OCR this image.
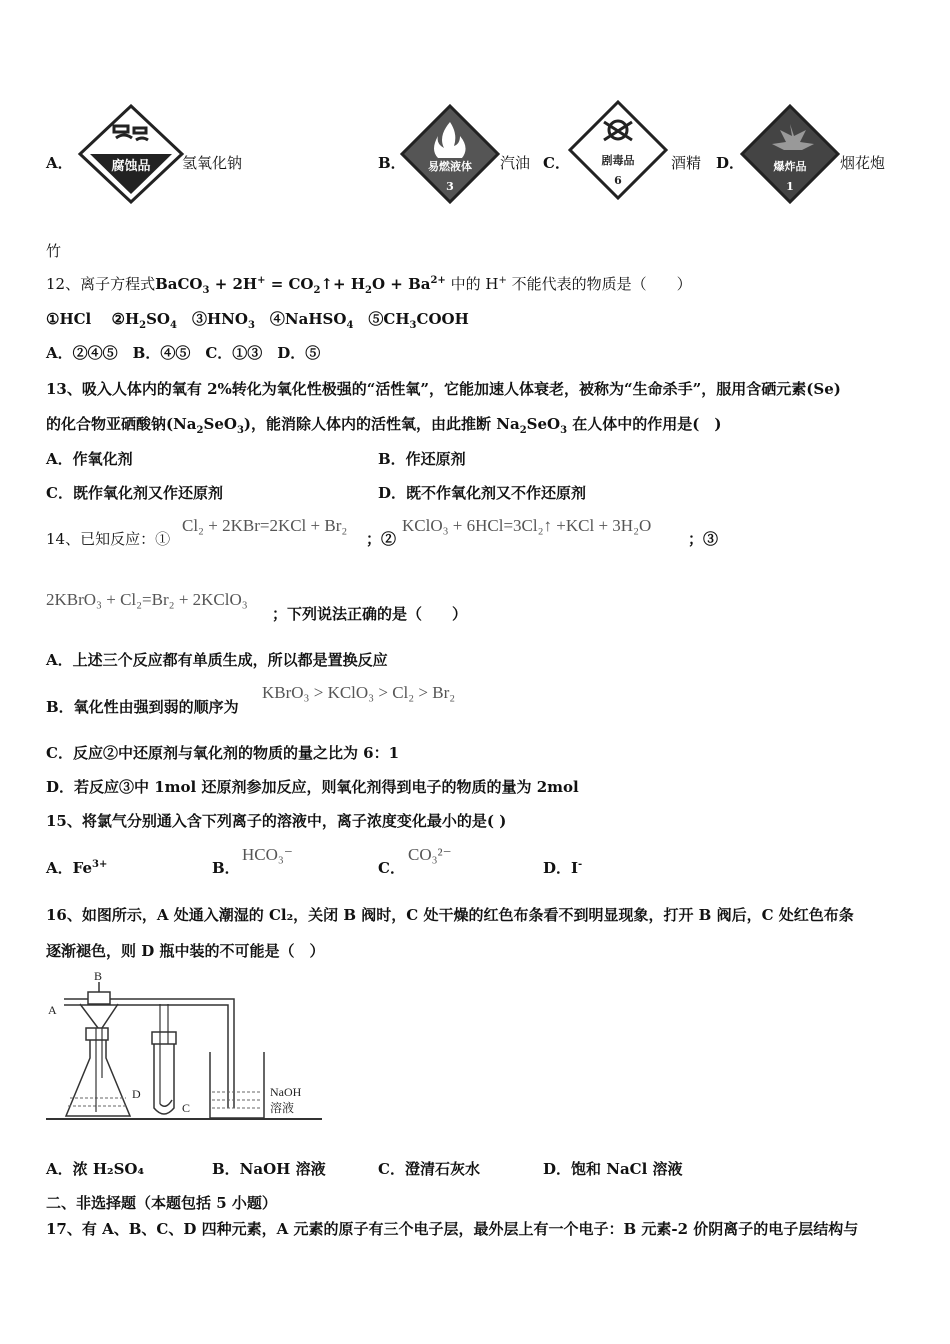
A．	腐蚀品 氢氧化钠	B． 易燃液体
3
汽油 C．	剧毒品
6
酒精 D．	爆炸品
1
烟花炮
竹
12、离子方程式BaCO$_3$ + $2H^+ = CO_2↑+ H_2O + Ba^{2+}$ 中的 H+ 不能代表的物质是（　　）
①HCl　 $②H_2SO_4$　 $③HNO_3$　 ④NaHSO$_4$　 $⑤CH_3COOH$
A．②④⑤　B．④⑤　C．①③　D．⑤
13、吸入人体内的氧有 2%转化为氧化性极强的“活性氧”，它能加速人体衰老，被称为“生命杀手”，服用含硒元素(Se)
的化合物亚硒酸钠$(Na_2SeO_3)$，能消除人体内的活性氧，由此推断 $Na_2SeO_3$ 在人体中的作用是(　)
A．作氧化剂	B．作还原剂
C．既作氧化剂又作还原剂	D．既不作氧化剂又不作还原剂
14、已知反应：①
Cl₂ + 2KBr=2KCl + Br₂
；②
KClO₃ + 6HCl=3Cl₂↑ +KCl + 3H₂O
；③
2KBrO₃ + Cl₂=Br₂ + 2KClO₃
；下列说法正确的是（　　）
A．上述三个反应都有单质生成，所以都是置换反应
B．氧化性由强到弱的顺序为
KBrO₃ > KClO₃ > Cl₂ > Br₂
C．反应②中还原剂与氧化剂的物质的量之比为 6：1
D．若反应③中 1mol 还原剂参加反应，则氧化剂得到电子的物质的量为 2mol
15、将氯气分别通入含下列离子的溶液中，离子浓度变化最小的是( )
A．$Fe^{3+}$	B．
HCO₃⁻
C．
CO₃²⁻
D．I-
16、如图所示，A 处通入潮湿的 Cl₂，关闭 B 阀时，C 处干燥的红色布条看不到明显现象，打开 B 阀后，C 处红色布条
逐渐褪色，则 D 瓶中装的不可能是（　）
B
A
D
C
NaOH
溶液
A．浓 H₂SO₄	B．NaOH 溶液	C．澄清石灰水	D．饱和 NaCl 溶液
二、非选择题（本题包括 5 小题）
17、有 A、B、C、D 四种元素，A 元素的原子有三个电子层，最外层上有一个电子：B 元素-2 价阴离子的电子层结构与
